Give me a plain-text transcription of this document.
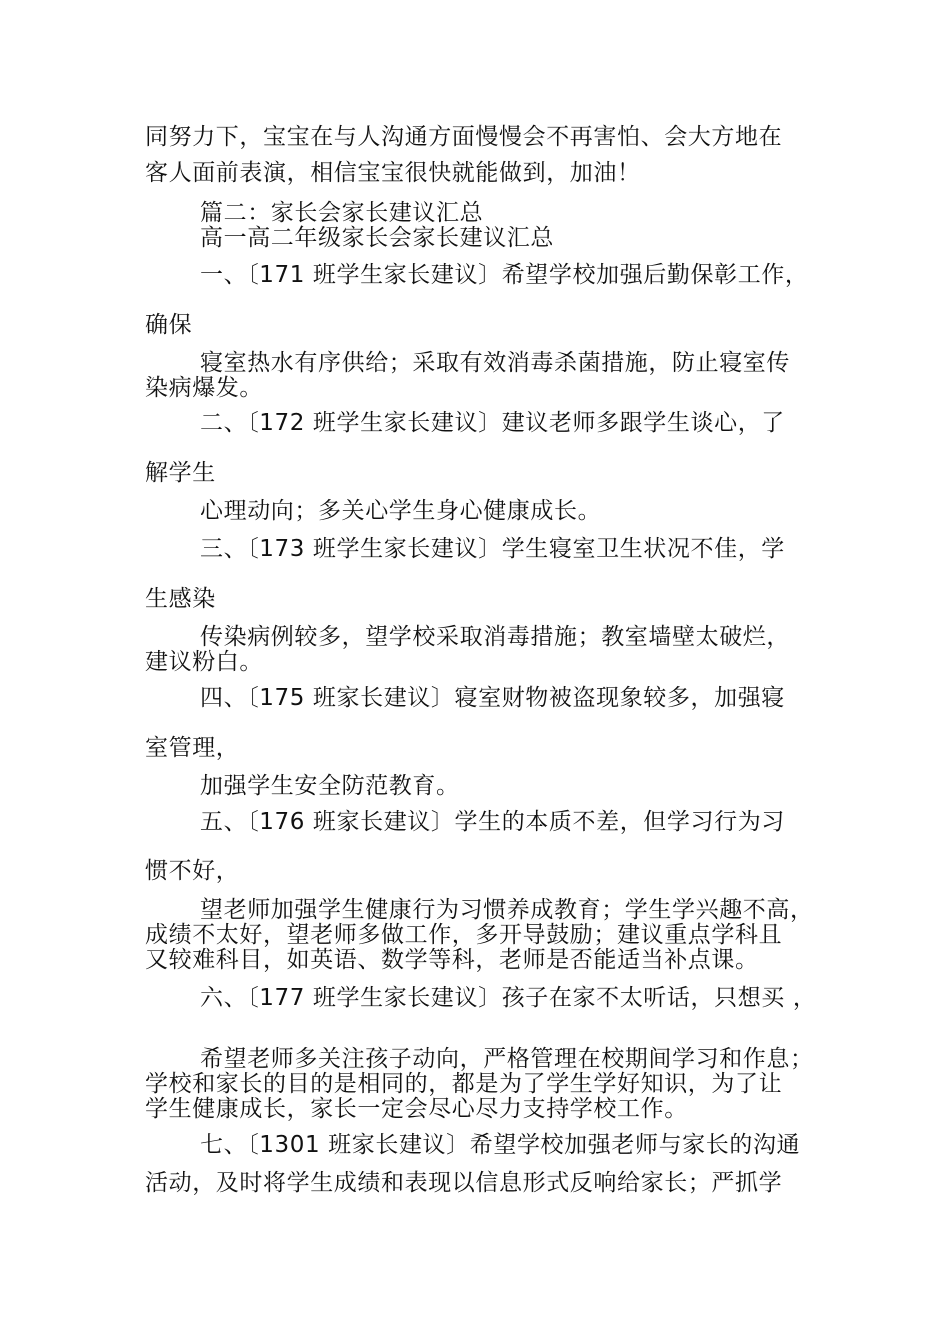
同努力下，宝宝在与人沟通方面慢慢会不再害怕、会大方地在
客人面前表演，相信宝宝很快就能做到，加油！
篇二：家长会家长建议汇总
高一高二年级家长会家长建议汇总
一、〔171 班学生家长建议〕希望学校加强后勤保彰工作，
确保
寝室热水有序供给；采取有效消毒杀菌措施，防止寝室传
染病爆发。
二、〔172 班学生家长建议〕建议老师多跟学生谈心，了
解学生
心理动向；多关心学生身心健康成长。
三、〔173 班学生家长建议〕学生寝室卫生状况不佳，学
生感染
传染病例较多，望学校采取消毒措施；教室墙壁太破烂，
建议粉白。
四、〔175 班家长建议〕寝室财物被盗现象较多，加强寝
室管理，
加强学生安全防范教育。
五、〔176 班家长建议〕学生的本质不差，但学习行为习
惯不好，
望老师加强学生健康行为习惯养成教育；学生学兴趣不高，
成绩不太好，望老师多做工作，多开导鼓励；建议重点学科且
又较难科目，如英语、数学等科，老师是否能适当补点课。
六、〔177 班学生家长建议〕孩子在家不太听话，只想买 ，
希望老师多关注孩子动向，严格管理在校期间学习和作息；
学校和家长的目的是相同的，都是为了学生学好知识，为了让
学生健康成长，家长一定会尽心尽力支持学校工作。
七、〔1301 班家长建议〕希望学校加强老师与家长的沟通
活动，及时将学生成绩和表现以信息形式反响给家长；严抓学
